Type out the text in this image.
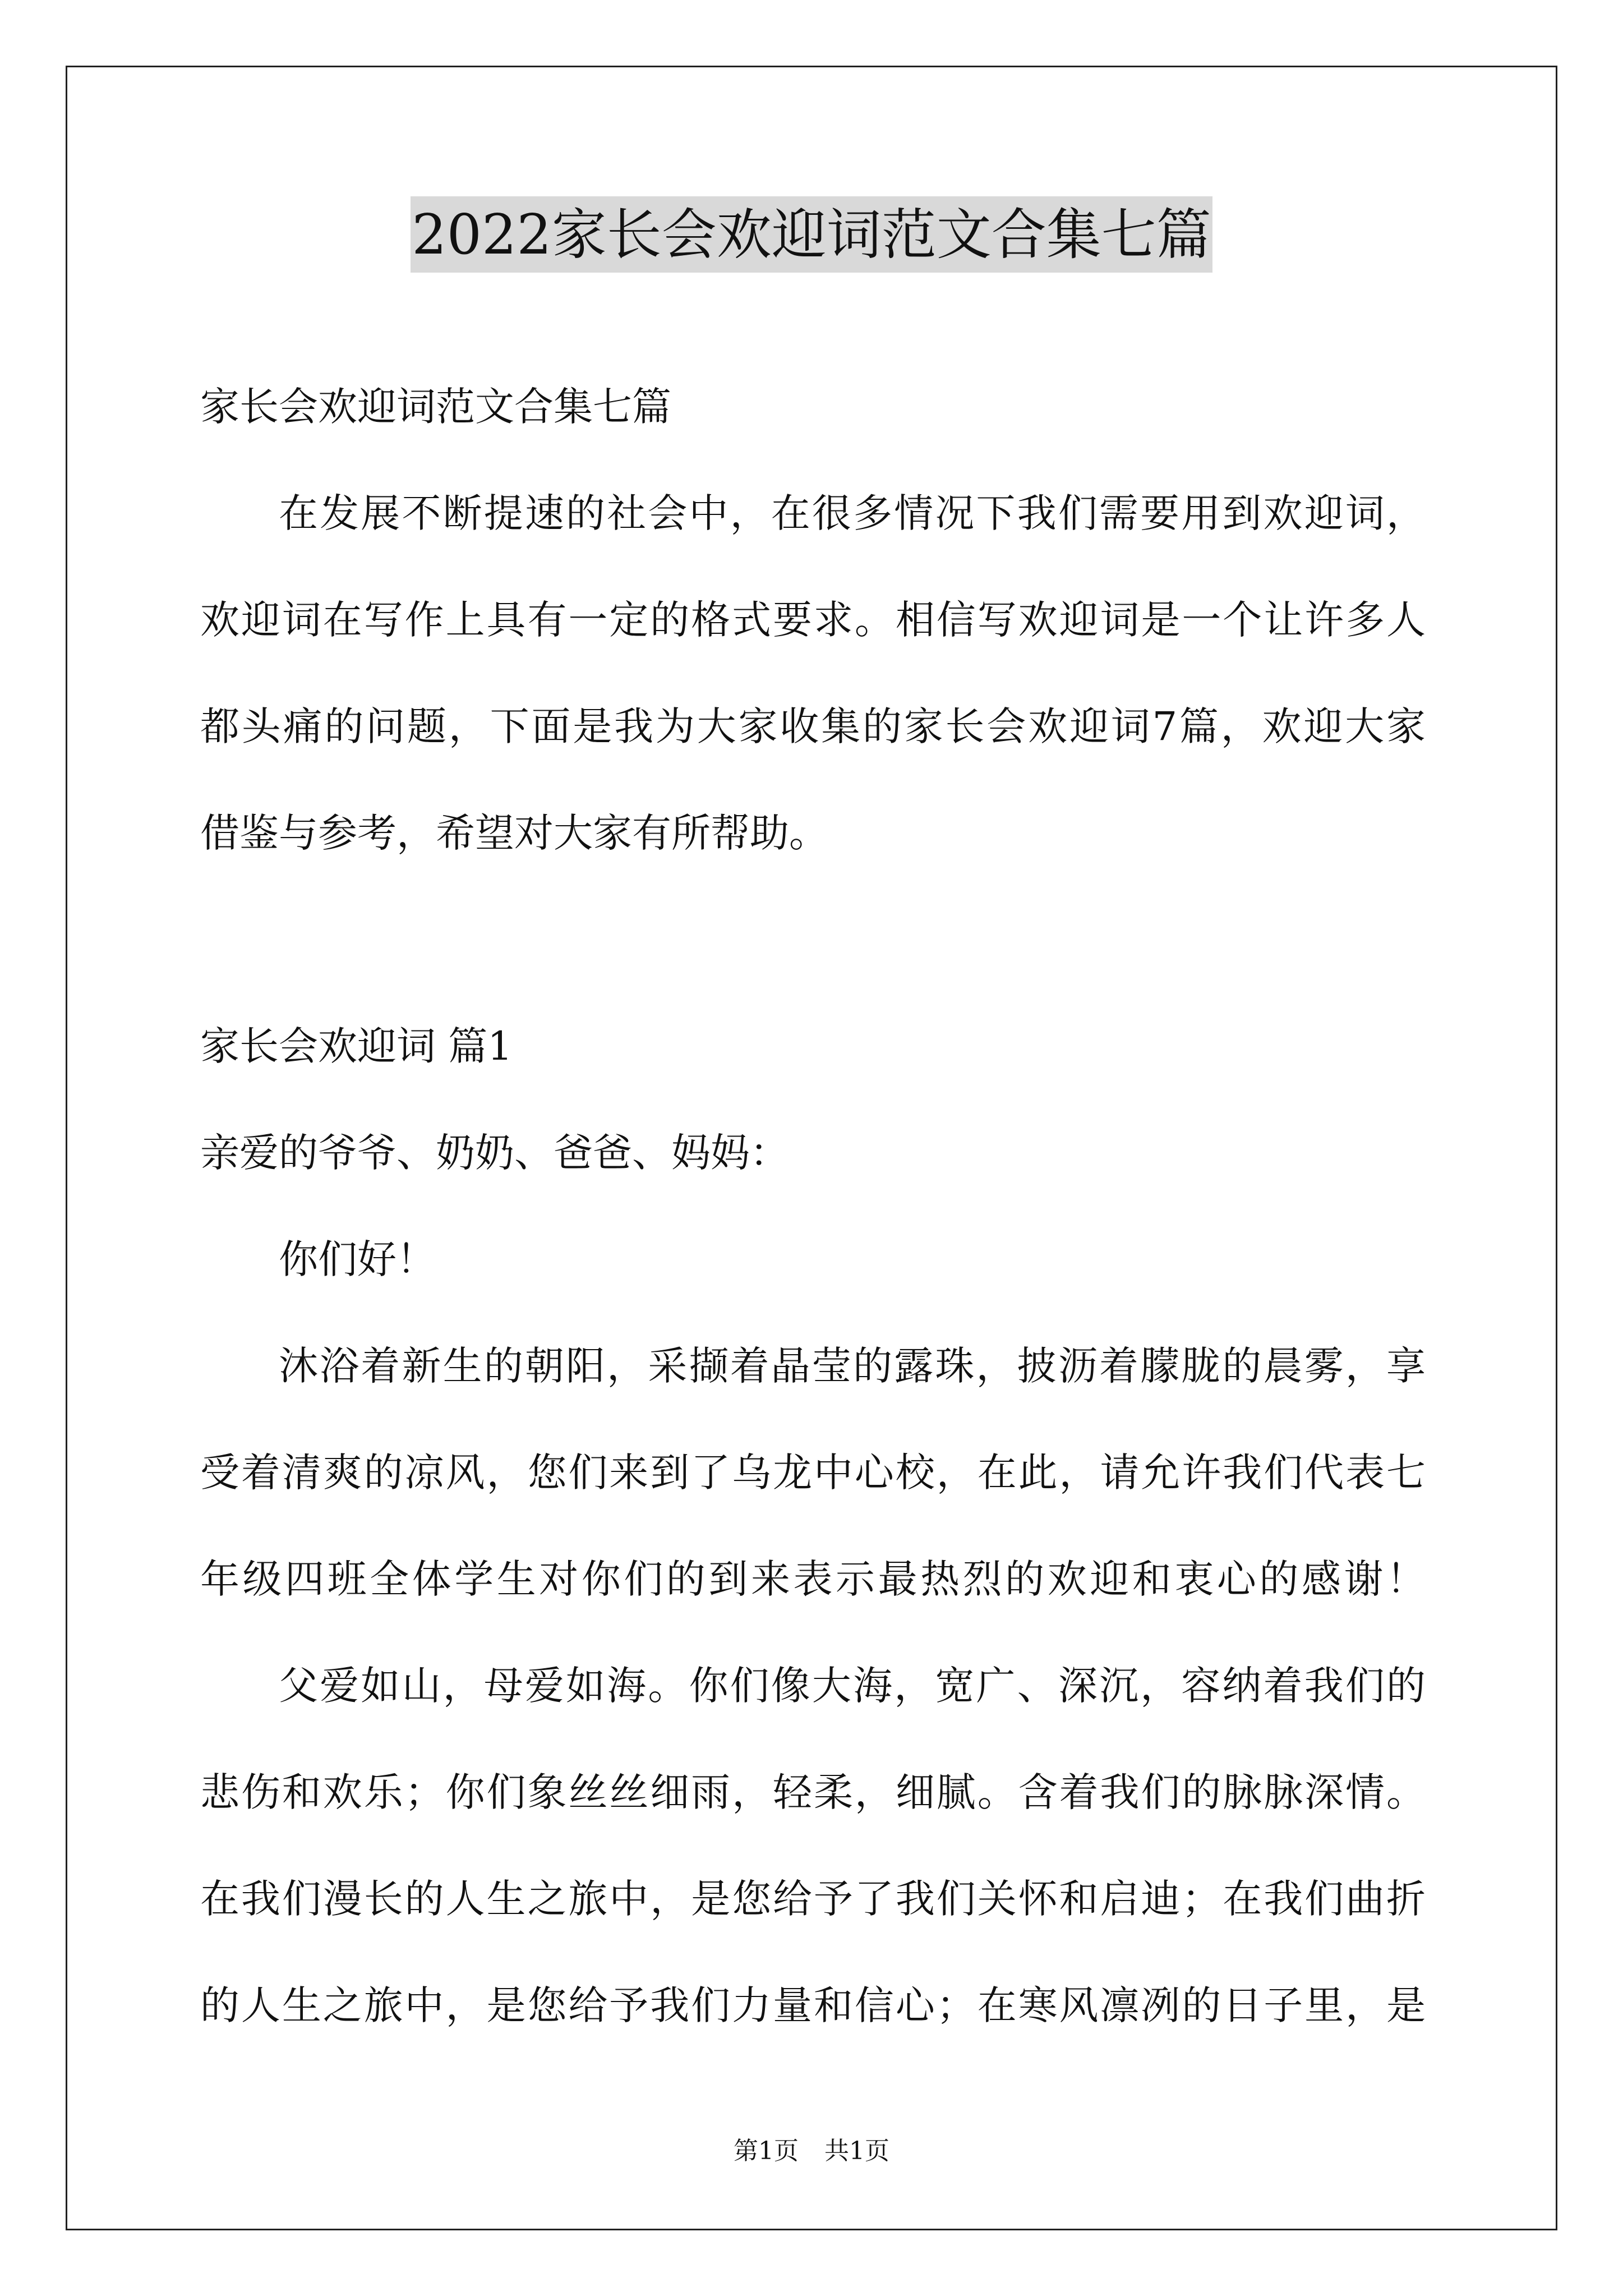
2022家长会欢迎词范文合集七篇
家长会欢迎词范文合集七篇
在发展不断提速的社会中，在很多情况下我们需要用到欢迎词，
欢迎词在写作上具有一定的格式要求。相信写欢迎词是一个让许多人
都头痛的问题，下面是我为大家收集的家长会欢迎词7篇，欢迎大家
借鉴与参考，希望对大家有所帮助。
家长会欢迎词 篇1
亲爱的爷爷、奶奶、爸爸、妈妈：
你们好！
沐浴着新生的朝阳，采撷着晶莹的露珠，披沥着朦胧的晨雾，享
受着清爽的凉风，您们来到了乌龙中心校，在此，请允许我们代表七
年级四班全体学生对你们的到来表示最热烈的欢迎和衷心的感谢！
父爱如山，母爱如海。你们像大海，宽广、深沉，容纳着我们的
悲伤和欢乐；你们象丝丝细雨，轻柔，细腻。含着我们的脉脉深情。
在我们漫长的人生之旅中，是您给予了我们关怀和启迪；在我们曲折
的人生之旅中，是您给予我们力量和信心；在寒风凛冽的日子里，是
第1页 共1页
